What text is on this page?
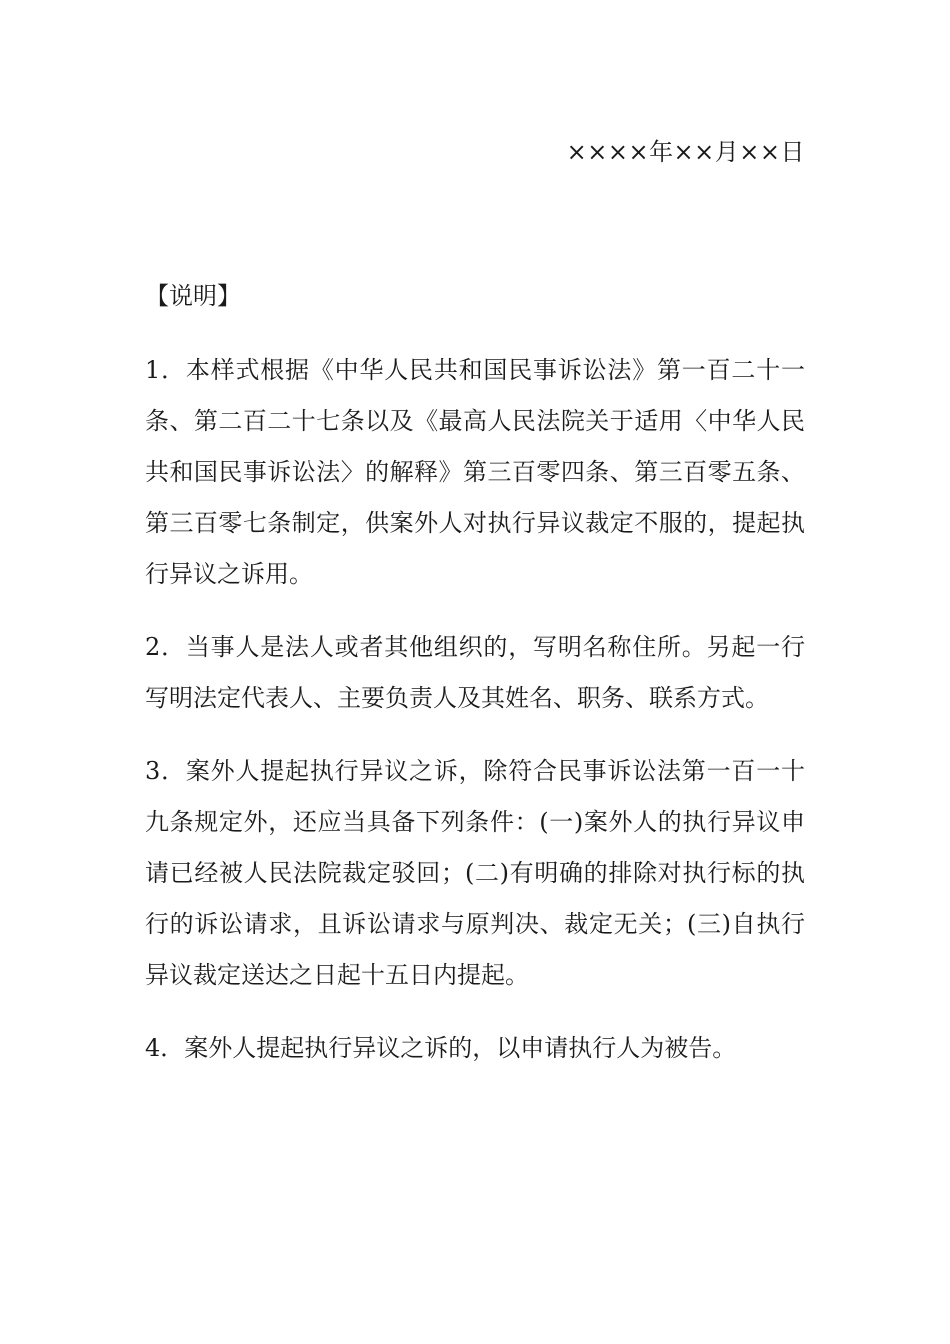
××××年××月××日
【说明】

1．本样式根据《中华人民共和国民事诉讼法》第一百二十一条、第二百二十七条以及《最高人民法院关于适用〈中华人民共和国民事诉讼法〉的解释》第三百零四条、第三百零五条、第三百零七条制定，供案外人对执行异议裁定不服的，提起执行异议之诉用。

2．当事人是法人或者其他组织的，写明名称住所。另起一行写明法定代表人、主要负责人及其姓名、职务、联系方式。

3．案外人提起执行异议之诉，除符合民事诉讼法第一百一十九条规定外，还应当具备下列条件：(一)案外人的执行异议申请已经被人民法院裁定驳回；(二)有明确的排除对执行标的执行的诉讼请求，且诉讼请求与原判决、裁定无关；(三)自执行异议裁定送达之日起十五日内提起。

4．案外人提起执行异议之诉的，以申请执行人为被告。
